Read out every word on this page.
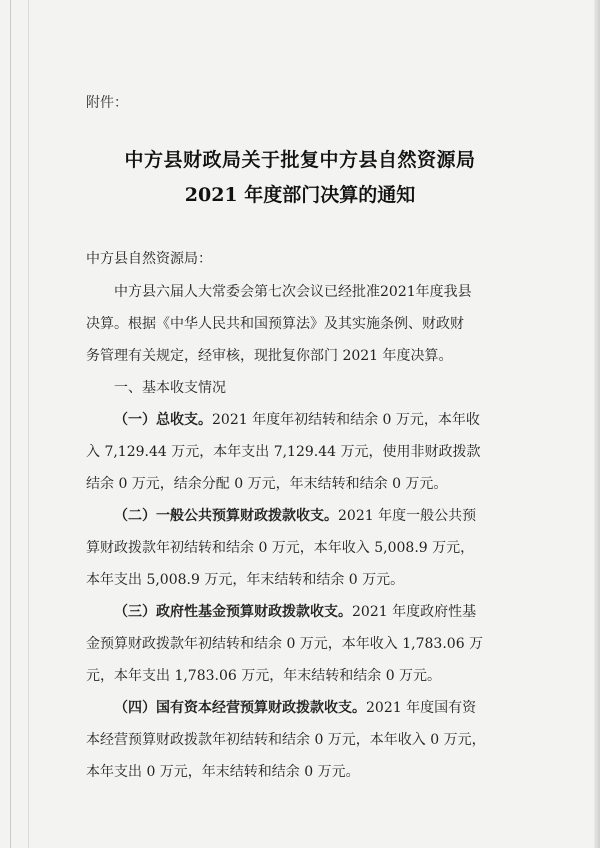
附件：
中方县财政局关于批复中方县自然资源局
2021 年度部门决算的通知
中方县自然资源局：
中方县六届人大常委会第七次会议已经批准2021年度我县
决算。根据《中华人民共和国预算法》及其实施条例、财政财
务管理有关规定，经审核，现批复你部门 2021 年度决算。
一、基本收支情况
（一）总收支。2021 年度年初结转和结余 0 万元，本年收
入 7,129.44 万元，本年支出 7,129.44 万元，使用非财政拨款
结余 0 万元，结余分配 0 万元，年末结转和结余 0 万元。
（二）一般公共预算财政拨款收支。2021 年度一般公共预
算财政拨款年初结转和结余 0 万元，本年收入 5,008.9 万元，
本年支出 5,008.9 万元，年末结转和结余 0 万元。
（三）政府性基金预算财政拨款收支。2021 年度政府性基
金预算财政拨款年初结转和结余 0 万元，本年收入 1,783.06 万
元，本年支出 1,783.06 万元，年末结转和结余 0 万元。
（四）国有资本经营预算财政拨款收支。2021 年度国有资
本经营预算财政拨款年初结转和结余 0 万元，本年收入 0 万元，
本年支出 0 万元，年末结转和结余 0 万元。
